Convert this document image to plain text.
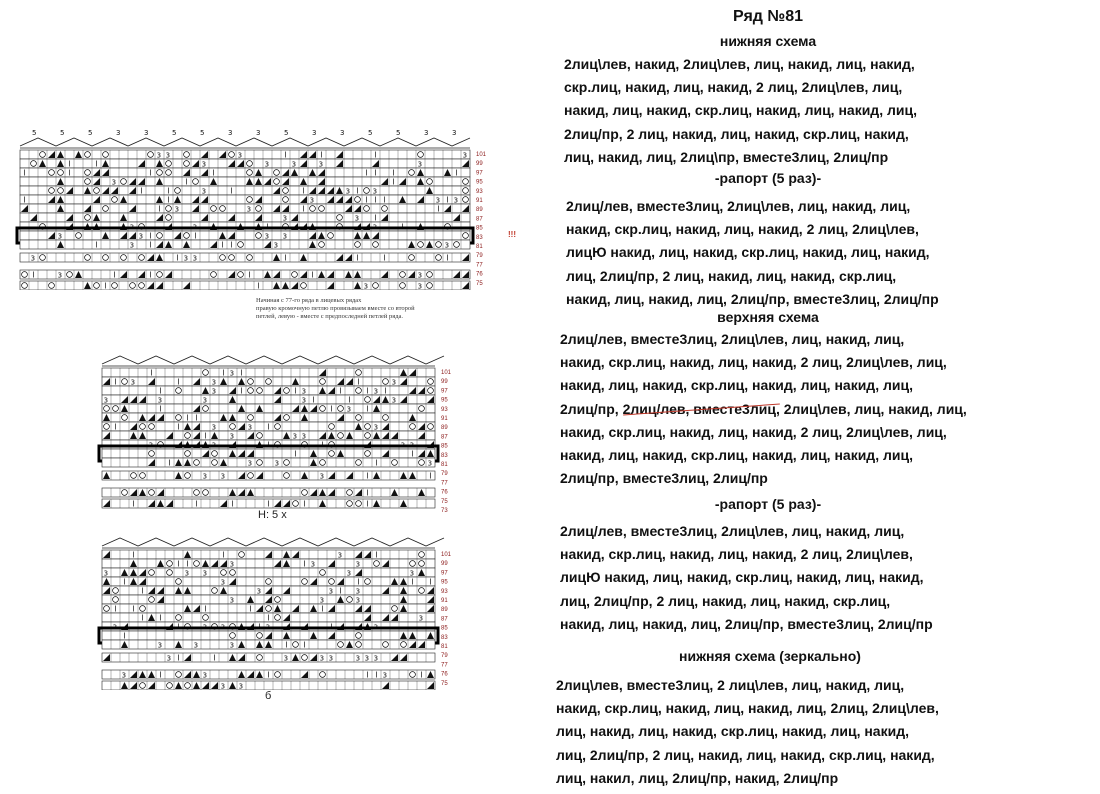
3 3	3	3
3	3	3	3	3
3
3	3	3
3	3 3
3	3
3	3
3	3	3
3	3	3 3
3	3	3
3	3 3
3	3
3	3
101
99
97
95
93
91
89
87
85
83
81
79
77
76
75
5	5	5	3	3	5	5	3	3	5	3	3	5	5	3	3
!!!
Начиная с 77-го ряда в лицевых рядах
правую кромочную петлю провязываем вместе со второй
петлей, левую - вместе с предпоследней петлей ряда.
3
3	3	3
3	3	3
3	3	3	3	3
3
3	3	3
3	3 3
3	3	3 3
3	3	3
3 3	3
101
99
97
95
93
91
89
87
85
83
81
79
77
76
75
73
Н: 5 х
3
3	3	3
3	3 3	3	3
3
3	3	3
3	3	3
3
3	3 3	3	3
3	3	3
3	3	3 3	3 3 3
3	3	3
3 3
101
99
97
95
93
91
89
87
85
83
81
79
77
76
75
б
Ряд №81
нижняя схема
2лиц\лев, накид, 2лиц\лев, лиц, накид, лиц, накид,
скр.лиц, накид, лиц, накид, 2 лиц, 2лиц\лев, лиц,
накид, лиц, накид, скр.лиц, накид, лиц, накид, лиц,
2лиц/пр, 2 лиц, накид, лиц, накид, скр.лиц, накид,
лиц, накид, лиц, 2лиц\пр, вместе3лиц, 2лиц/пр
-рапорт (5 раз)-
2лиц/лев, вместе3лиц, 2лиц\лев, лиц, накид, лиц,
накид, скр.лиц, накид, лиц, накид, 2 лиц, 2лиц\лев,
лицЮ накид, лиц, накид, скр.лиц, накид, лиц, накид,
лиц, 2лиц/пр, 2 лиц, накид, лиц, накид, скр.лиц,
накид, лиц, накид, лиц, 2лиц/пр, вместе3лиц, 2лиц/пр
верхняя схема
2лиц/лев, вместе3лиц, 2лиц\лев, лиц, накид, лиц,
накид, скр.лиц, накид, лиц, накид, 2 лиц, 2лиц\лев, лиц,
накид, лиц, накид, скр.лиц, накид, лиц, накид, лиц,
2лиц/пр, 2лиц/лев, вместе3лиц, 2лиц\лев, лиц, накид, лиц,
накид, скр.лиц, накид, лиц, накид, 2 лиц, 2лиц\лев, лиц,
накид, лиц, накид, скр.лиц, накид, лиц, накид, лиц,
2лиц/пр, вместе3лиц, 2лиц/пр
-рапорт (5 раз)-
2лиц/лев, вместе3лиц, 2лиц\лев, лиц, накид, лиц,
накид, скр.лиц, накид, лиц, накид, 2 лиц, 2лиц\лев,
лицЮ накид, лиц, накид, скр.лиц, накид, лиц, накид,
лиц, 2лиц/пр, 2 лиц, накид, лиц, накид, скр.лиц,
накид, лиц, накид, лиц, 2лиц/пр, вместе3лиц, 2лиц/пр
нижняя схема (зеркально)
2лиц\лев, вместе3лиц, 2 лиц\лев, лиц, накид, лиц,
накид, скр.лиц, накид, лиц, накид, лиц, 2лиц, 2лиц\лев,
лиц, накид, лиц, накид, скр.лиц, накид, лиц, накид,
лиц, 2лиц/пр, 2 лиц, накид, лиц, накид, скр.лиц, накид,
лиц, накил, лиц, 2лиц/пр, накид, 2лиц/пр
